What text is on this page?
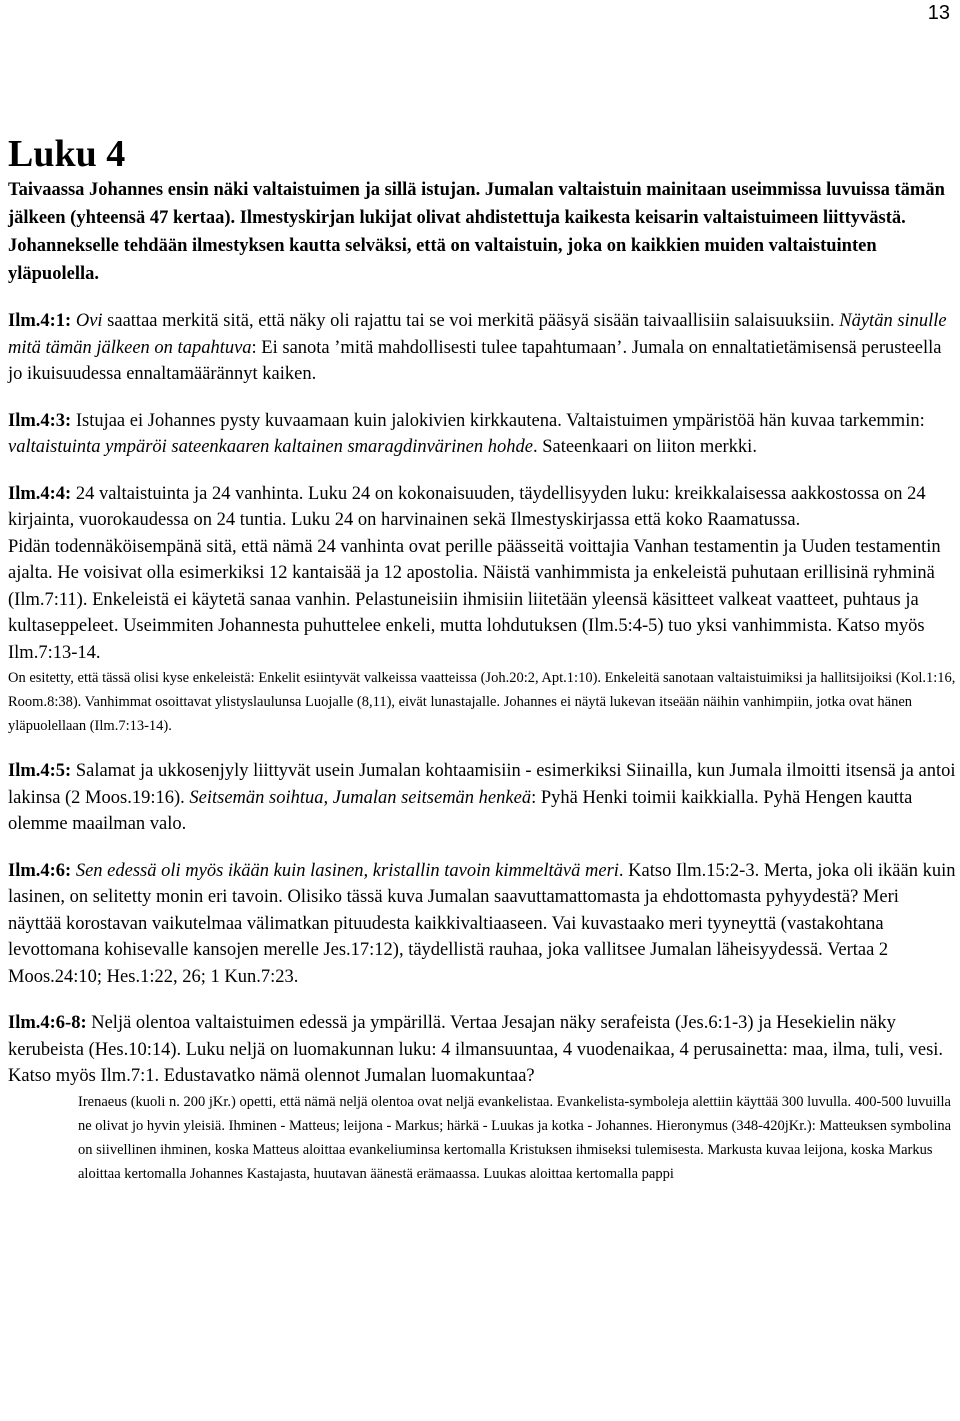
13
Luku 4

Taivaassa Johannes ensin näki valtaistuimen ja sillä istujan. Jumalan valtaistuin mainitaan useimmissa luvuissa tämän jälkeen (yhteensä 47 kertaa). Ilmestyskirjan lukijat olivat ahdistettuja kaikesta keisarin valtaistuimeen liittyvästä. Johannekselle tehdään ilmestyksen kautta selväksi, että on valtaistuin, joka on kaikkien muiden valtaistuinten yläpuolella.

Ilm.4:1: Ovi saattaa merkitä sitä, että näky oli rajattu tai se voi merkitä pääsyä sisään taivaallisiin salaisuuksiin. Näytän sinulle mitä tämän jälkeen on tapahtuva: Ei sanota ’mitä mahdollisesti tulee tapahtumaan’. Jumala on ennaltatietämisensä perusteella jo ikuisuudessa ennaltamäärännyt kaiken.

Ilm.4:3: Istujaa ei Johannes pysty kuvaamaan kuin jalokivien kirkkautena. Valtaistuimen ympäristöä hän kuvaa tarkemmin: valtaistuinta ympäröi sateenkaaren kaltainen smaragdinvärinen hohde. Sateenkaari on liiton merkki.

Ilm.4:4: 24 valtaistuinta ja 24 vanhinta. Luku 24 on kokonaisuuden, täydellisyyden luku: kreikkalaisessa aakkostossa on 24 kirjainta, vuorokaudessa on 24 tuntia. Luku 24 on harvinainen sekä Ilmestyskirjassa että koko Raamatussa.

Pidän todennäköisempänä sitä, että nämä 24 vanhinta ovat perille päässeitä voittajia Vanhan testamentin ja Uuden testamentin ajalta. He voisivat olla esimerkiksi 12 kantaisää ja 12 apostolia. Näistä vanhimmista ja enkeleistä puhutaan erillisinä ryhminä (Ilm.7:11). Enkeleistä ei käytetä sanaa vanhin. Pelastuneisiin ihmisiin liitetään yleensä käsitteet valkeat vaatteet, puhtaus ja kultaseppeleet. Useimmiten Johannesta puhuttelee enkeli, mutta lohdutuksen (Ilm.5:4-5) tuo yksi vanhimmista. Katso myös Ilm.7:13-14.

On esitetty, että tässä olisi kyse enkeleistä: Enkelit esiintyvät valkeissa vaatteissa (Joh.20:2, Apt.1:10). Enkeleitä sanotaan valtaistuimiksi ja hallitsijoiksi (Kol.1:16, Room.8:38). Vanhimmat osoittavat ylistyslaulunsa Luojalle (8,11), eivät lunastajalle. Johannes ei näytä lukevan itseään näihin vanhimpiin, jotka ovat hänen yläpuolellaan (Ilm.7:13-14).

Ilm.4:5: Salamat ja ukkosenjyly liittyvät usein Jumalan kohtaamisiin - esimerkiksi Siinailla, kun Jumala ilmoitti itsensä ja antoi lakinsa (2 Moos.19:16). Seitsemän soihtua, Jumalan seitsemän henkeä: Pyhä Henki toimii kaikkialla. Pyhä Hengen kautta olemme maailman valo.

Ilm.4:6: Sen edessä oli myös ikään kuin lasinen, kristallin tavoin kimmeltävä meri. Katso Ilm.15:2-3. Merta, joka oli ikään kuin lasinen, on selitetty monin eri tavoin. Olisiko tässä kuva Jumalan saavuttamattomasta ja ehdottomasta pyhyydestä? Meri näyttää korostavan vaikutelmaa välimatkan pituudesta kaikkivaltiaaseen. Vai kuvastaako meri tyyneyttä (vastakohtana levottomana kohisevalle kansojen merelle Jes.17:12), täydellistä rauhaa, joka vallitsee Jumalan läheisyydessä. Vertaa 2 Moos.24:10; Hes.1:22, 26; 1 Kun.7:23.

Ilm.4:6-8: Neljä olentoa valtaistuimen edessä ja ympärillä. Vertaa Jesajan näky serafeista (Jes.6:1-3) ja Hesekielin näky kerubeista (Hes.10:14). Luku neljä on luomakunnan luku: 4 ilmansuuntaa, 4 vuodenaikaa, 4 perusainetta: maa, ilma, tuli, vesi. Katso myös Ilm.7:1. Edustavatko nämä olennot Jumalan luomakuntaa?

Irenaeus (kuoli n. 200 jKr.) opetti, että nämä neljä olentoa ovat neljä evankelistaa. Evankelista-symboleja alettiin käyttää 300 luvulla. 400-500 luvuilla ne olivat jo hyvin yleisiä. Ihminen - Matteus; leijona - Markus; härkä - Luukas ja kotka - Johannes. Hieronymus (348-420jKr.): Matteuksen symbolina on siivellinen ihminen, koska Matteus aloittaa evankeliuminsa kertomalla Kristuksen ihmiseksi tulemisesta. Markusta kuvaa leijona, koska Markus aloittaa kertomalla Johannes Kastajasta, huutavan äänestä erämaassa. Luukas aloittaa kertomalla pappi
